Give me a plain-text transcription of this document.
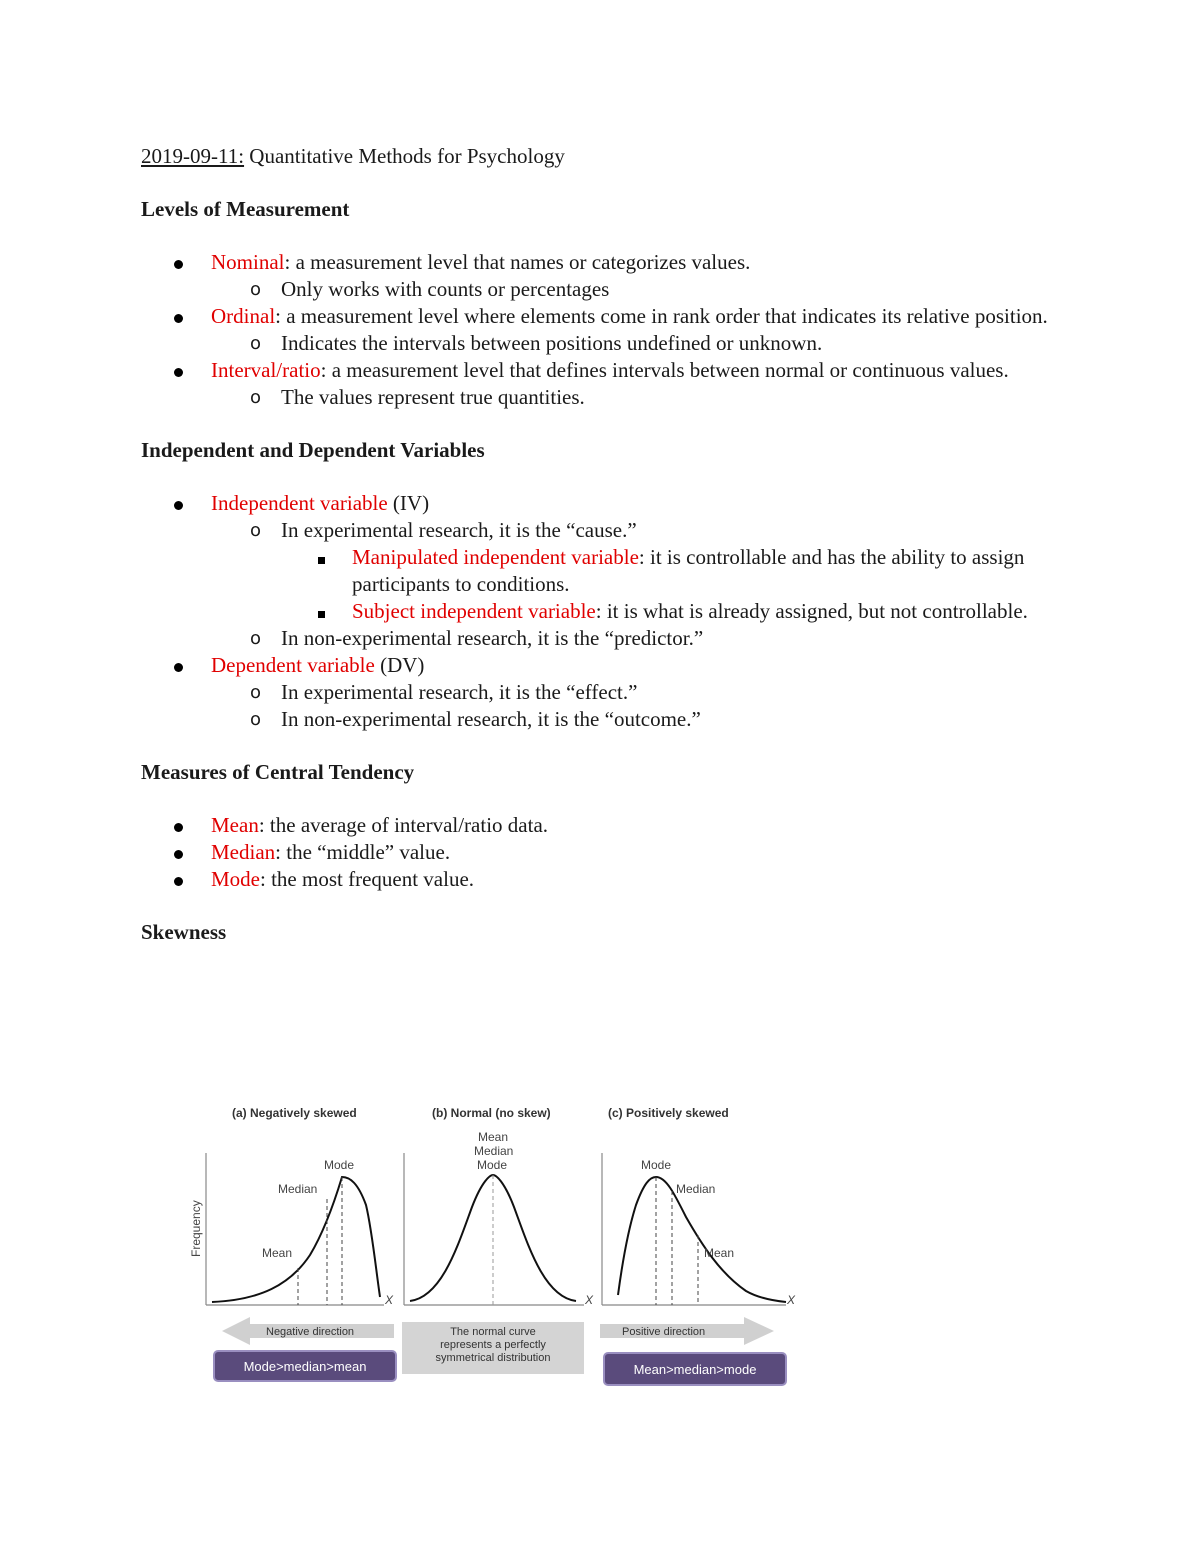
2019-09-11: Quantitative Methods for Psychology

Levels of Measurement
Nominal: a measurement level that names or categorizes values.
o Only works with counts or percentages
Ordinal: a measurement level where elements come in rank order that indicates its relative position.
o Indicates the intervals between positions undefined or unknown.
Interval/ratio: a measurement level that defines intervals between normal or continuous values.
o The values represent true quantities.
Independent and Dependent Variables
Independent variable (IV)
o In experimental research, it is the “cause.”
Manipulated independent variable: it is controllable and has the ability to assign participants to conditions.
Subject independent variable: it is what is already assigned, but not controllable.
o In non-experimental research, it is the “predictor.”
Dependent variable (DV)
o In experimental research, it is the “effect.”
o In non-experimental research, it is the “outcome.”
Measures of Central Tendency
Mean: the average of interval/ratio data.
Median: the “middle” value.
Mode: the most frequent value.
Skewness
(a) Negatively skewed	(b) Normal (no skew)	(c) Positively skewed
Frequency
X
Mode
Median
Mean
X
Mean
Median
Mode
X
Mode
Median
Mean
Negative direction	The normal curve
represents a perfectly
symmetrical distribution
Positive direction
Mode>median>mean	Mean>median>mode
